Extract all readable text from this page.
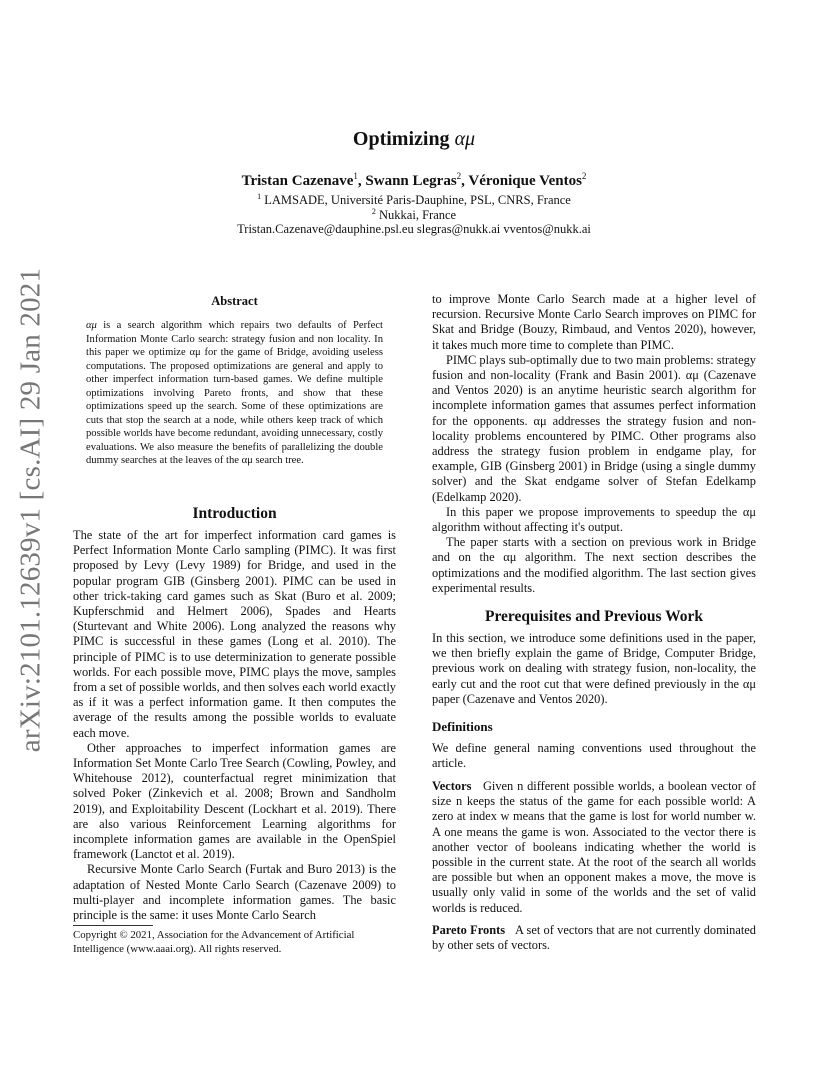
arXiv:2101.12639v1 [cs.AI] 29 Jan 2021
Optimizing αμ
Tristan Cazenave$^1$, Swann Legras$^2$, Véronique Ventos$^2$
$^1$ LAMSADE, Université Paris-Dauphine, PSL, CNRS, France
$^2$ Nukkai, France
Tristan.Cazenave@dauphine.psl.eu slegras@nukk.ai vventos@nukk.ai
Abstract
αμ is a search algorithm which repairs two defaults of Perfect Information Monte Carlo search: strategy fusion and non locality. In this paper we optimize αμ for the game of Bridge, avoiding useless computations. The proposed optimizations are general and apply to other imperfect information turn-based games. We define multiple optimizations involving Pareto fronts, and show that these optimizations speed up the search. Some of these optimizations are cuts that stop the search at a node, while others keep track of which possible worlds have become redundant, avoiding unnecessary, costly evaluations. We also measure the benefits of parallelizing the double dummy searches at the leaves of the αμ search tree.
Introduction

The state of the art for imperfect information card games is Perfect Information Monte Carlo sampling (PIMC). It was first proposed by Levy (Levy 1989) for Bridge, and used in the popular program GIB (Ginsberg 2001). PIMC can be used in other trick-taking card games such as Skat (Buro et al. 2009; Kupferschmid and Helmert 2006), Spades and Hearts (Sturtevant and White 2006). Long analyzed the reasons why PIMC is successful in these games (Long et al. 2010). The principle of PIMC is to use determinization to generate possible worlds. For each possible move, PIMC plays the move, samples from a set of possible worlds, and then solves each world exactly as if it was a perfect information game. It then computes the average of the results among the possible worlds to evaluate each move.

Other approaches to imperfect information games are Information Set Monte Carlo Tree Search (Cowling, Powley, and Whitehouse 2012), counterfactual regret minimization that solved Poker (Zinkevich et al. 2008; Brown and Sandholm 2019), and Exploitability Descent (Lockhart et al. 2019). There are also various Reinforcement Learning algorithms for incomplete information games are available in the OpenSpiel framework (Lanctot et al. 2019).

Recursive Monte Carlo Search (Furtak and Buro 2013) is the adaptation of Nested Monte Carlo Search (Cazenave 2009) to multi-player and incomplete information games. The basic principle is the same: it uses Monte Carlo Search

Copyright © 2021, Association for the Advancement of Artificial Intelligence (www.aaai.org). All rights reserved.

to improve Monte Carlo Search made at a higher level of recursion. Recursive Monte Carlo Search improves on PIMC for Skat and Bridge (Bouzy, Rimbaud, and Ventos 2020), however, it takes much more time to complete than PIMC.

PIMC plays sub-optimally due to two main problems: strategy fusion and non-locality (Frank and Basin 2001). αμ (Cazenave and Ventos 2020) is an anytime heuristic search algorithm for incomplete information games that assumes perfect information for the opponents. αμ addresses the strategy fusion and non-locality problems encountered by PIMC. Other programs also address the strategy fusion problem in endgame play, for example, GIB (Ginsberg 2001) in Bridge (using a single dummy solver) and the Skat endgame solver of Stefan Edelkamp (Edelkamp 2020).

In this paper we propose improvements to speedup the αμ algorithm without affecting it's output.

The paper starts with a section on previous work in Bridge and on the αμ algorithm. The next section describes the optimizations and the modified algorithm. The last section gives experimental results.

Prerequisites and Previous Work
In this section, we introduce some definitions used in the paper, we then briefly explain the game of Bridge, Computer Bridge, previous work on dealing with strategy fusion, non-locality, the early cut and the root cut that were defined previously in the αμ paper (Cazenave and Ventos 2020).
Definitions
We define general naming conventions used throughout the article.
Vectors Given n different possible worlds, a boolean vector of size n keeps the status of the game for each possible world: A zero at index w means that the game is lost for world number w. A one means the game is won. Associated to the vector there is another vector of booleans indicating whether the world is possible in the current state. At the root of the search all worlds are possible but when an opponent makes a move, the move is usually only valid in some of the worlds and the set of valid worlds is reduced.
Pareto Fronts A set of vectors that are not currently dominated by other sets of vectors.
